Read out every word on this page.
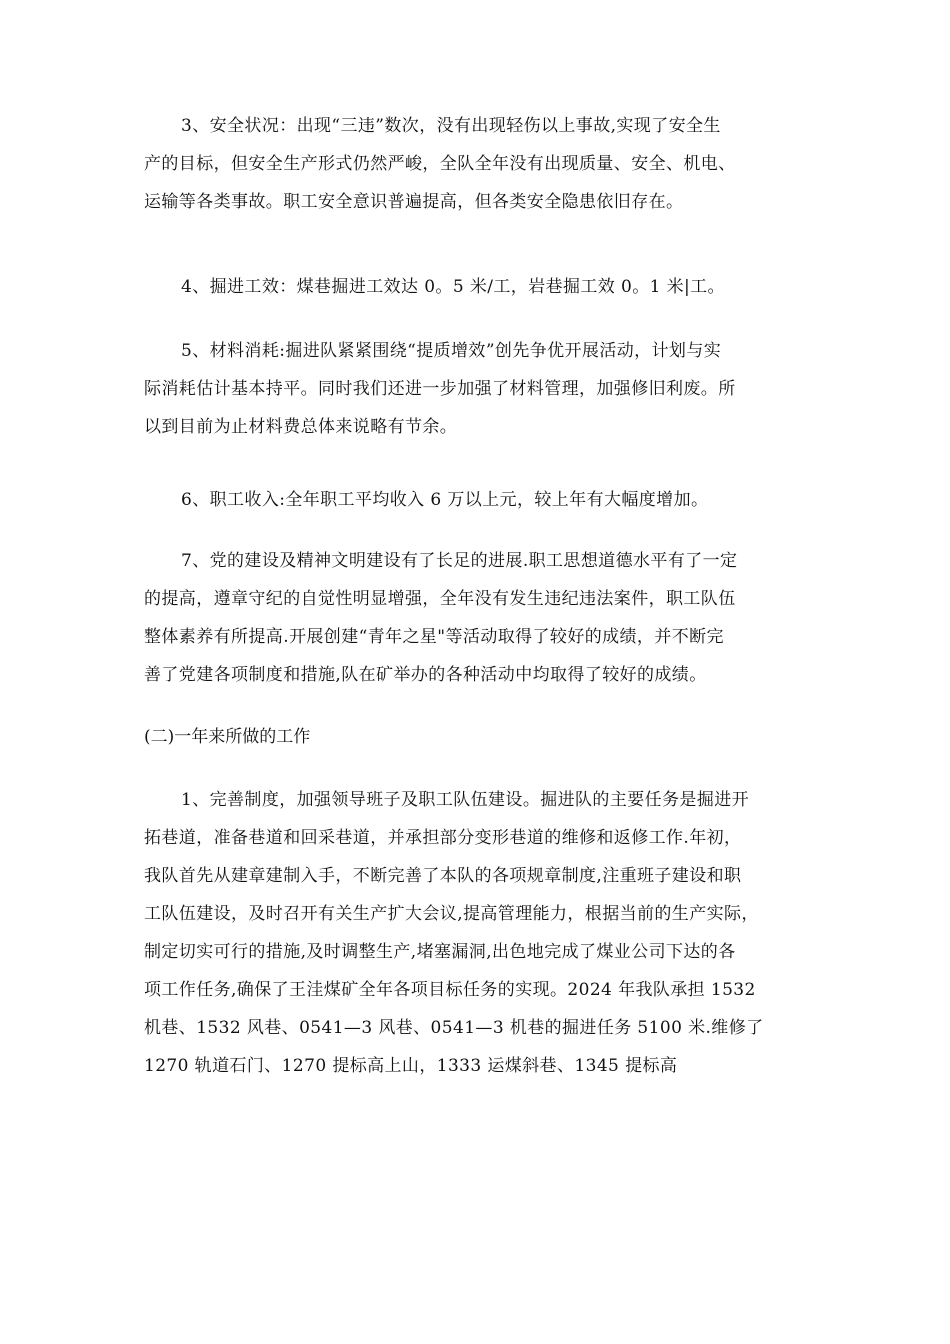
3、安全状况：出现“三违”数次，没有出现轻伤以上事故,实现了安全生
产的目标，但安全生产形式仍然严峻，全队全年没有出现质量、安全、机电、
运输等各类事故。职工安全意识普遍提高，但各类安全隐患依旧存在。
4、掘进工效：煤巷掘进工效达 0。5 米/工，岩巷掘工效 0。1 米|工。
5、材料消耗:掘进队紧紧围绕“提质增效”创先争优开展活动，计划与实
际消耗估计基本持平。同时我们还进一步加强了材料管理，加强修旧利废。所
以到目前为止材料费总体来说略有节余。
6、职工收入:全年职工平均收入 6 万以上元，较上年有大幅度增加。
7、党的建设及精神文明建设有了长足的进展.职工思想道德水平有了一定
的提高，遵章守纪的自觉性明显增强，全年没有发生违纪违法案件，职工队伍
整体素养有所提高.开展创建“青年之星"等活动取得了较好的成绩，并不断完
善了党建各项制度和措施,队在矿举办的各种活动中均取得了较好的成绩。
(二)一年来所做的工作
1、完善制度，加强领导班子及职工队伍建设。掘进队的主要任务是掘进开
拓巷道，准备巷道和回采巷道，并承担部分变形巷道的维修和返修工作.年初，
我队首先从建章建制入手，不断完善了本队的各项规章制度,注重班子建设和职
工队伍建设，及时召开有关生产扩大会议,提高管理能力，根据当前的生产实际，
制定切实可行的措施,及时调整生产,堵塞漏洞,出色地完成了煤业公司下达的各
项工作任务,确保了王洼煤矿全年各项目标任务的实现。2024 年我队承担 1532
机巷、1532 风巷、0541—3 风巷、0541—3 机巷的掘进任务 5100 米.维修了
1270 轨道石门、1270 提标高上山，1333 运煤斜巷、1345 提标高
